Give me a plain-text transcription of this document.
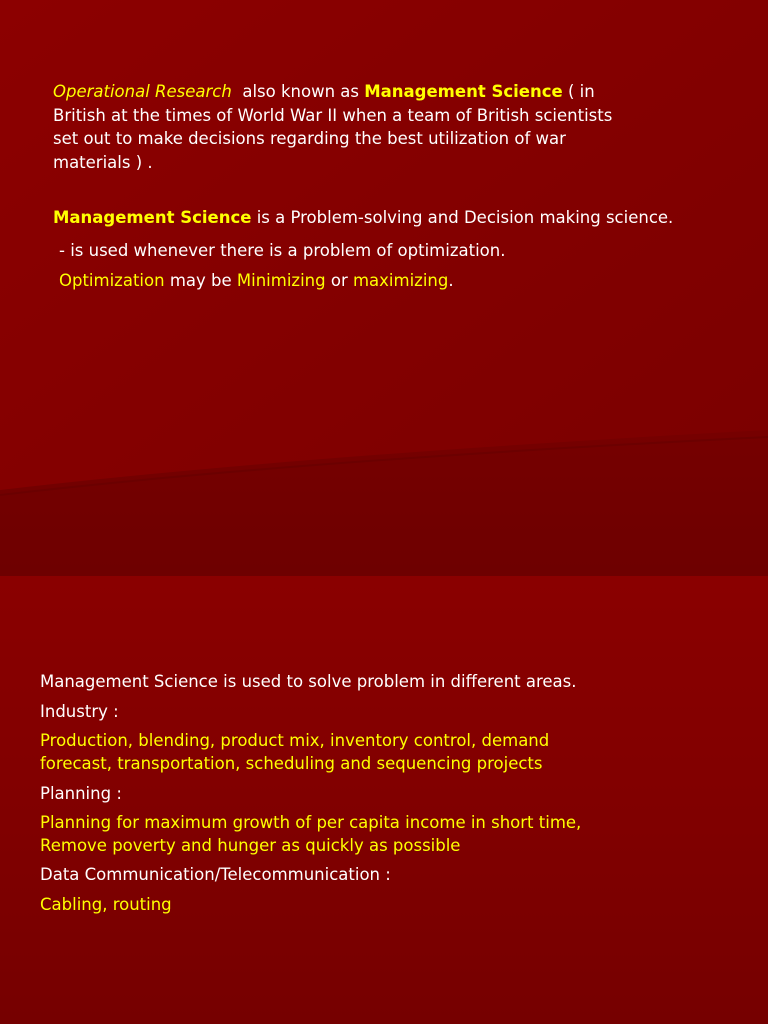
Operational Research also known as Management Science ( in
British at the times of World War II when a team of British scientists
set out to make decisions regarding the best utilization of war
materials ) .
Management Science is a Problem-solving and Decision making science.
- is used whenever there is a problem of optimization.
Optimization may be Minimizing or maximizing.
Management Science is used to solve problem in different areas.
Industry :
Production, blending, product mix, inventory control, demand
forecast, transportation, scheduling and sequencing projects
Planning :
Planning for maximum growth of per capita income in short time,
Remove poverty and hunger as quickly as possible
Data Communication/Telecommunication :
Cabling, routing
